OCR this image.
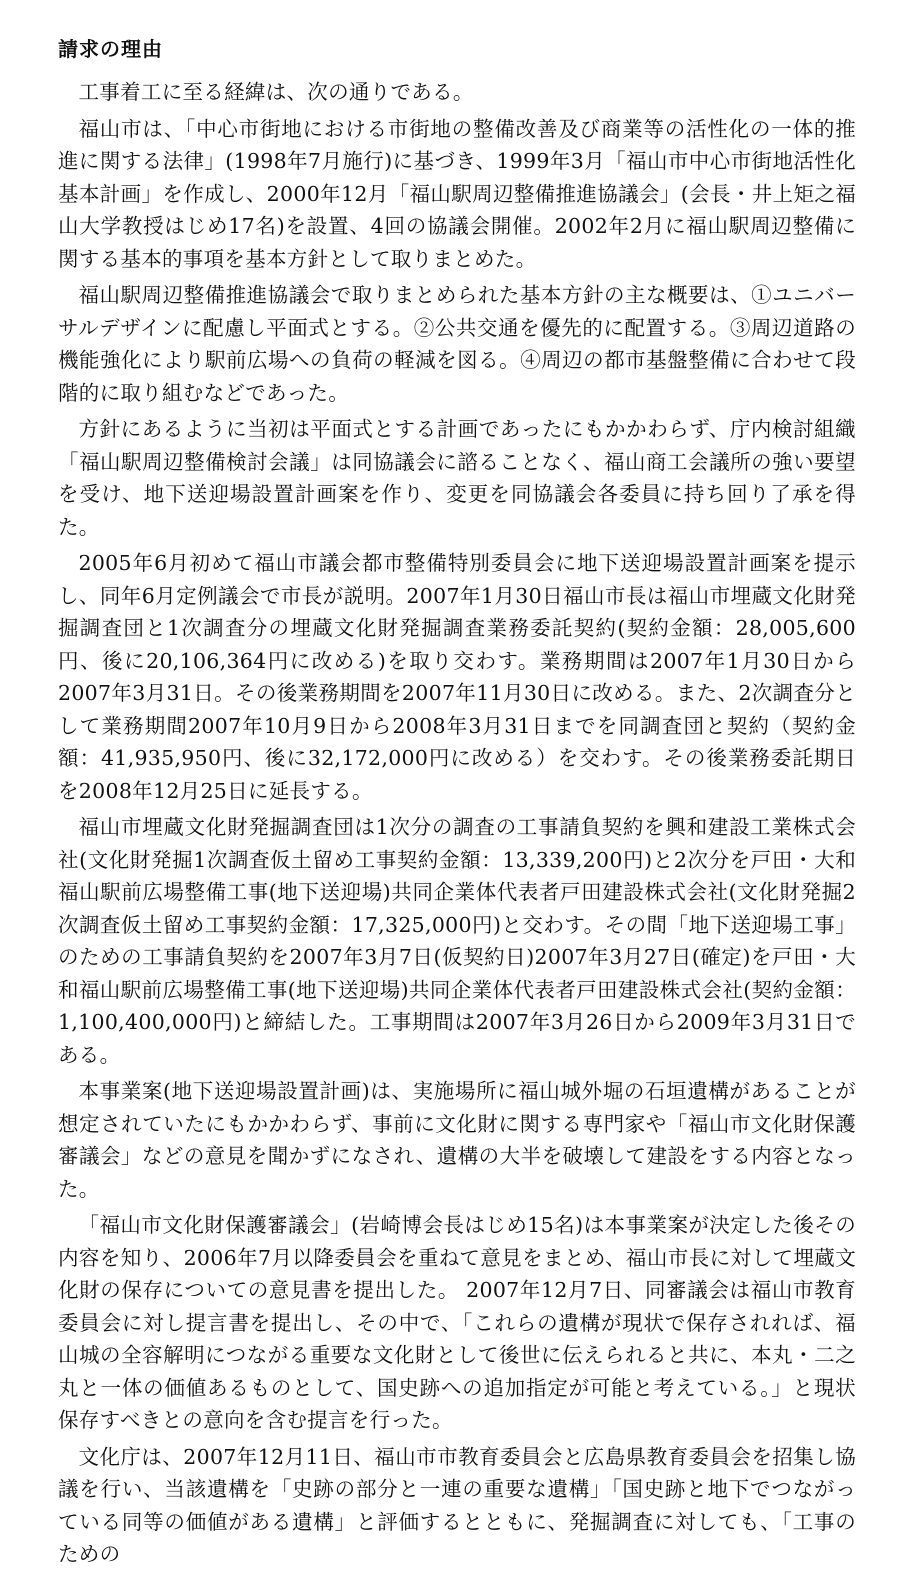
請求の理由

工事着工に至る経緯は、次の通りである。

福山市は、「中心市街地における市街地の整備改善及び商業等の活性化の一体的推進に関する法律」(1998年7月施行)に基づき、1999年3月「福山市中心市街地活性化基本計画」を作成し、2000年12月「福山駅周辺整備推進協議会」(会長・井上矩之福山大学教授はじめ17名)を設置、4回の協議会開催。2002年2月に福山駅周辺整備に関する基本的事項を基本方針として取りまとめた。

福山駅周辺整備推進協議会で取りまとめられた基本方針の主な概要は、①ユニバーサルデザインに配慮し平面式とする。②公共交通を優先的に配置する。③周辺道路の機能強化により駅前広場への負荷の軽減を図る。④周辺の都市基盤整備に合わせて段階的に取り組むなどであった。

方針にあるように当初は平面式とする計画であったにもかかわらず、庁内検討組織「福山駅周辺整備検討会議」は同協議会に諮ることなく、福山商工会議所の強い要望を受け、地下送迎場設置計画案を作り、変更を同協議会各委員に持ち回り了承を得た。

2005年6月初めて福山市議会都市整備特別委員会に地下送迎場設置計画案を提示し、同年6月定例議会で市長が説明。2007年1月30日福山市長は福山市埋蔵文化財発掘調査団と1次調査分の埋蔵文化財発掘調査業務委託契約(契約金額：28,005,600円、後に20,106,364円に改める)を取り交わす。業務期間は2007年1月30日から2007年3月31日。その後業務期間を2007年11月30日に改める。また、2次調査分として業務期間2007年10月9日から2008年3月31日までを同調査団と契約（契約金額：41,935,950円、後に32,172,000円に改める）を交わす。その後業務委託期日を2008年12月25日に延長する。

福山市埋蔵文化財発掘調査団は1次分の調査の工事請負契約を興和建設工業株式会社(文化財発掘1次調査仮土留め工事契約金額：13,339,200円)と2次分を戸田・大和福山駅前広場整備工事(地下送迎場)共同企業体代表者戸田建設株式会社(文化財発掘2次調査仮土留め工事契約金額：17,325,000円)と交わす。その間「地下送迎場工事」のための工事請負契約を2007年3月7日(仮契約日)2007年3月27日(確定)を戸田・大和福山駅前広場整備工事(地下送迎場)共同企業体代表者戸田建設株式会社(契約金額：1,100,400,000円)と締結した。工事期間は2007年3月26日から2009年3月31日である。

本事業案(地下送迎場設置計画)は、実施場所に福山城外堀の石垣遺構があることが想定されていたにもかかわらず、事前に文化財に関する専門家や「福山市文化財保護審議会」などの意見を聞かずになされ、遺構の大半を破壊して建設をする内容となった。

「福山市文化財保護審議会」(岩崎博会長はじめ15名)は本事業案が決定した後その内容を知り、2006年7月以降委員会を重ねて意見をまとめ、福山市長に対して埋蔵文化財の保存についての意見書を提出した。 2007年12月7日、同審議会は福山市教育委員会に対し提言書を提出し、その中で、「これらの遺構が現状で保存されれば、福山城の全容解明につながる重要な文化財として後世に伝えられると共に、本丸・二之丸と一体の価値あるものとして、国史跡への追加指定が可能と考えている。」と現状保存すべきとの意向を含む提言を行った。

文化庁は、2007年12月11日、福山市市教育委員会と広島県教育委員会を招集し協議を行い、当該遺構を「史跡の部分と一連の重要な遺構」「国史跡と地下でつながっている同等の価値がある遺構」と評価するとともに、発掘調査に対しても、「工事のための
